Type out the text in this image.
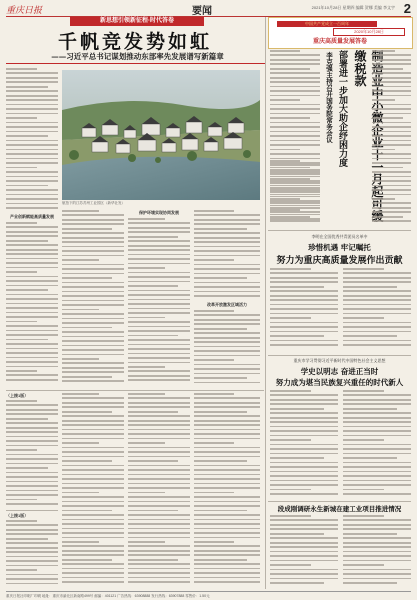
重庆日报	要闻	2021年10月28日 星期四 编辑 贺娜 美编 李文宇 2
新思想引领新征程·时代答卷
千帆竞发势如虹
——习近平总书记谋划推动东部率先发展谱写新篇章
产业创新赋能高质量发展
航拍下的江苏苏州工业园区（新华社发）
保护环境实现协同发展
改革开放激发区域活力
（上接1版）
（上接1版）
中国共产党成立一百周年
2020年10月28日
重庆高质量发展答卷
李克强主持召开国务院常务会议 部署进一步加大助企纾困力度	制造业中小微企业十一月起可缓缴税款
李明在全国优秀共青团员名单中
珍惜机遇 牢记嘱托
努力为重庆高质量发展作出贡献
重庆市学习贯彻习近平新时代中国特色社会主义思想
学史以明志 奋进正当时
努力成为堪当民族复兴重任的时代新人
段成刚调研永生新城在建工业项目推进情况
重庆日报社印刷厂印刷 地址：重庆市渝北区新南路499号 邮编：401121 广告热线：63908888 发行热线：63907888 零售价：1.50元
